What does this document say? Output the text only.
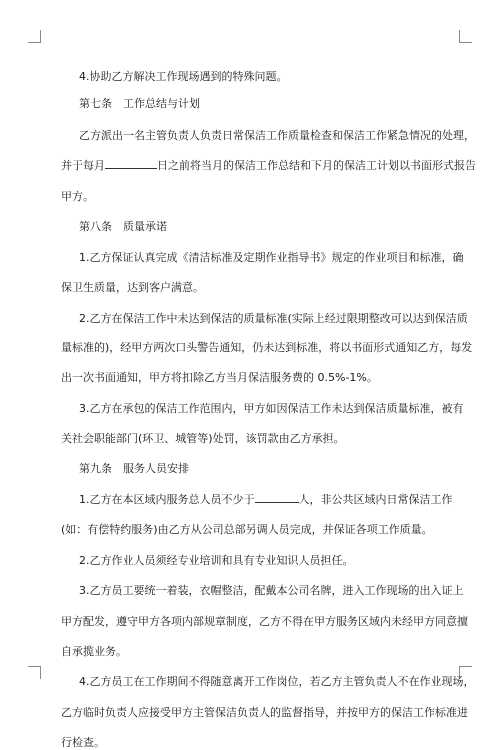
4.协助乙方解决工作现场遇到的特殊问题。

第七条　工作总结与计划

乙方派出一名主管负责人负责日常保洁工作质量检查和保洁工作紧急情况的处理，

并于每月	日之前将当月的保洁工作总结和下月的保洁工计划以书面形式报告

甲方。

第八条　质量承诺

1.乙方保证认真完成《清洁标准及定期作业指导书》规定的作业项目和标准，确

保卫生质量，达到客户满意。

2.乙方在保洁工作中未达到保洁的质量标准(实际上经过限期整改可以达到保洁质

量标准的)，经甲方两次口头警告通知，仍未达到标准，将以书面形式通知乙方，每发

出一次书面通知，甲方将扣除乙方当月保洁服务费的 0.5%-1%。

3.乙方在承包的保洁工作范围内，甲方如因保洁工作未达到保洁质量标准，被有

关社会职能部门(环卫、城管等)处罚，该罚款由乙方承担。

第九条　服务人员安排

1.乙方在本区域内服务总人员不少于	人，非公共区域内日常保洁工作

(如：有偿特约服务)由乙方从公司总部另调人员完成，并保证各项工作质量。

2.乙方作业人员须经专业培训和具有专业知识人员担任。

3.乙方员工要统一着装，衣帽整洁，配戴本公司名牌，进入工作现场的出入证上

甲方配发，遵守甲方各项内部规章制度，乙方不得在甲方服务区域内未经甲方同意擅

自承揽业务。

4.乙方员工在工作期间不得随意离开工作岗位，若乙方主管负责人不在作业现场，

乙方临时负责人应接受甲方主管保洁负责人的监督指导，并按甲方的保洁工作标准进

行检查。
